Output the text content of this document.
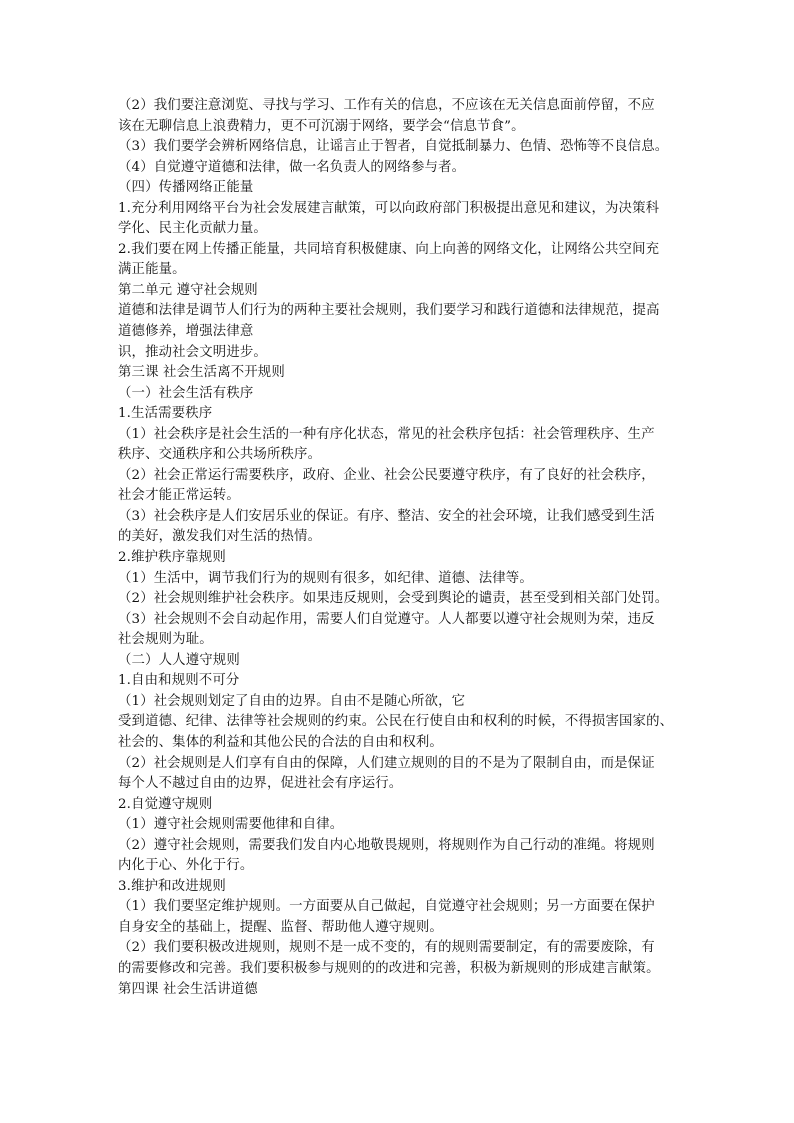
（2）我们要注意浏览、寻找与学习、工作有关的信息，不应该在无关信息面前停留，不应
该在无聊信息上浪费精力，更不可沉溺于网络，要学会“信息节食”。
（3）我们要学会辨析网络信息，让谣言止于智者，自觉抵制暴力、色情、恐怖等不良信息。
（4）自觉遵守道德和法律，做一名负责人的网络参与者。
（四）传播网络正能量
1.充分利用网络平台为社会发展建言献策，可以向政府部门积极提出意见和建议，为决策科
学化、民主化贡献力量。
2.我们要在网上传播正能量，共同培育积极健康、向上向善的网络文化，让网络公共空间充
满正能量。
第二单元 遵守社会规则
道德和法律是调节人们行为的两种主要社会规则，我们要学习和践行道德和法律规范，提高
道德修养，增强法律意
识，推动社会文明进步。
第三课 社会生活离不开规则
（一）社会生活有秩序
1.生活需要秩序
（1）社会秩序是社会生活的一种有序化状态，常见的社会秩序包括：社会管理秩序、生产
秩序、交通秩序和公共场所秩序。
（2）社会正常运行需要秩序，政府、企业、社会公民要遵守秩序，有了良好的社会秩序，
社会才能正常运转。
（3）社会秩序是人们安居乐业的保证。有序、整洁、安全的社会环境，让我们感受到生活
的美好，激发我们对生活的热情。
2.维护秩序靠规则
（1）生活中，调节我们行为的规则有很多，如纪律、道德、法律等。
（2）社会规则维护社会秩序。如果违反规则，会受到舆论的谴责，甚至受到相关部门处罚。
（3）社会规则不会自动起作用，需要人们自觉遵守。人人都要以遵守社会规则为荣，违反
社会规则为耻。
（二）人人遵守规则
1.自由和规则不可分
（1）社会规则划定了自由的边界。自由不是随心所欲，它
受到道德、纪律、法律等社会规则的约束。公民在行使自由和权利的时候，不得损害国家的、
社会的、集体的利益和其他公民的合法的自由和权利。
（2）社会规则是人们享有自由的保障，人们建立规则的目的不是为了限制自由，而是保证
每个人不越过自由的边界，促进社会有序运行。
2.自觉遵守规则
（1）遵守社会规则需要他律和自律。
（2）遵守社会规则，需要我们发自内心地敬畏规则，将规则作为自己行动的准绳。将规则
内化于心、外化于行。
3.维护和改进规则
（1）我们要坚定维护规则。一方面要从自己做起，自觉遵守社会规则；另一方面要在保护
自身安全的基础上，提醒、监督、帮助他人遵守规则。
（2）我们要积极改进规则，规则不是一成不变的，有的规则需要制定，有的需要废除，有
的需要修改和完善。我们要积极参与规则的的改进和完善，积极为新规则的形成建言献策。
第四课 社会生活讲道德
